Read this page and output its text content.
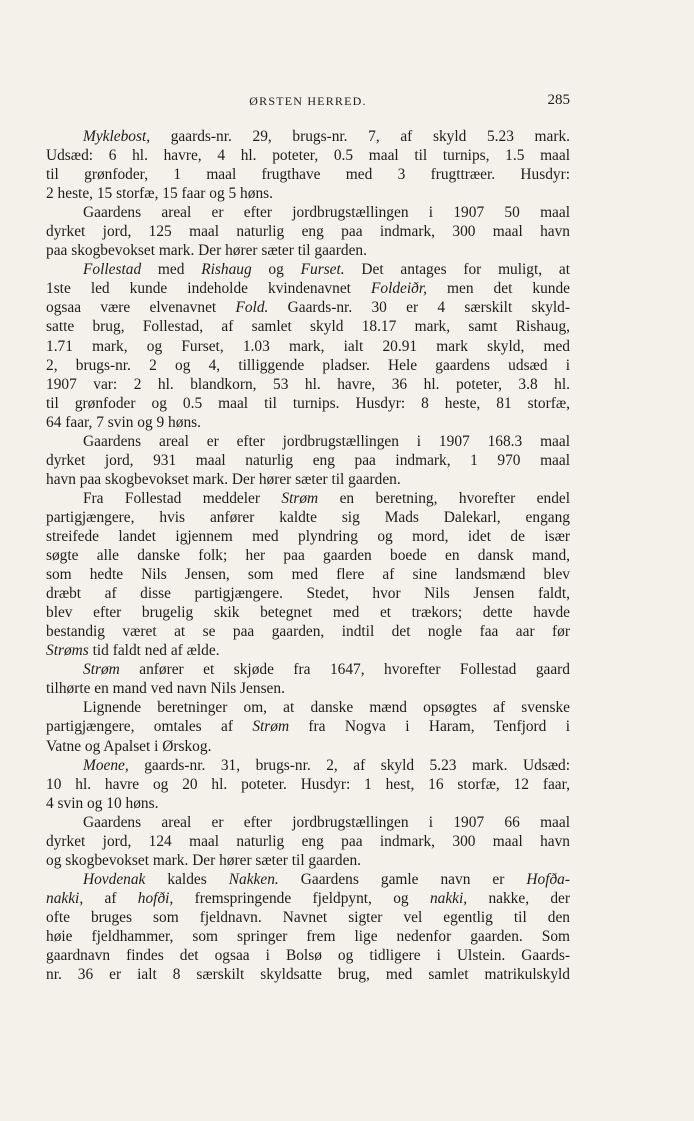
ØRSTEN HERRED.	285
Myklebost, gaards-nr. 29, brugs-nr. 7, af skyld 5.23 mark.
Udsæd: 6 hl. havre, 4 hl. poteter, 0.5 maal til turnips, 1.5 maal
til grønfoder, 1 maal frugthave med 3 frugttræer. Husdyr:
2 heste, 15 storfæ, 15 faar og 5 høns.
Gaardens areal er efter jordbrugstællingen i 1907 50 maal
dyrket jord, 125 maal naturlig eng paa indmark, 300 maal havn
paa skogbevokset mark. Der hører sæter til gaarden.
Follestad med Rishaug og Furset. Det antages for muligt, at
1ste led kunde indeholde kvindenavnet Foldeiðr, men det kunde
ogsaa være elvenavnet Fold. Gaards-nr. 30 er 4 særskilt skyld-
satte brug, Follestad, af samlet skyld 18.17 mark, samt Rishaug,
1.71 mark, og Furset, 1.03 mark, ialt 20.91 mark skyld, med
2, brugs-nr. 2 og 4, tilliggende pladser. Hele gaardens udsæd i
1907 var: 2 hl. blandkorn, 53 hl. havre, 36 hl. poteter, 3.8 hl.
til grønfoder og 0.5 maal til turnips. Husdyr: 8 heste, 81 storfæ,
64 faar, 7 svin og 9 høns.
Gaardens areal er efter jordbrugstællingen i 1907 168.3 maal
dyrket jord, 931 maal naturlig eng paa indmark, 1 970 maal
havn paa skogbevokset mark. Der hører sæter til gaarden.
Fra Follestad meddeler Strøm en beretning, hvorefter endel
partigjængere, hvis anfører kaldte sig Mads Dalekarl, engang
streifede landet igjennem med plyndring og mord, idet de især
søgte alle danske folk; her paa gaarden boede en dansk mand,
som hedte Nils Jensen, som med flere af sine landsmænd blev
dræbt af disse partigjængere. Stedet, hvor Nils Jensen faldt,
blev efter brugelig skik betegnet med et trækors; dette havde
bestandig været at se paa gaarden, indtil det nogle faa aar før
Strøms tid faldt ned af ælde.
Strøm anfører et skjøde fra 1647, hvorefter Follestad gaard
tilhørte en mand ved navn Nils Jensen.
Lignende beretninger om, at danske mænd opsøgtes af svenske
partigjængere, omtales af Strøm fra Nogva i Haram, Tenfjord i
Vatne og Apalset i Ørskog.
Moene, gaards-nr. 31, brugs-nr. 2, af skyld 5.23 mark. Udsæd:
10 hl. havre og 20 hl. poteter. Husdyr: 1 hest, 16 storfæ, 12 faar,
4 svin og 10 høns.
Gaardens areal er efter jordbrugstællingen i 1907 66 maal
dyrket jord, 124 maal naturlig eng paa indmark, 300 maal havn
og skogbevokset mark. Der hører sæter til gaarden.
Hovdenak kaldes Nakken. Gaardens gamle navn er Hofða-
nakki, af hofði, fremspringende fjeldpynt, og nakki, nakke, der
ofte bruges som fjeldnavn. Navnet sigter vel egentlig til den
høie fjeldhammer, som springer frem lige nedenfor gaarden. Som
gaardnavn findes det ogsaa i Bolsø og tidligere i Ulstein. Gaards-
nr. 36 er ialt 8 særskilt skyldsatte brug, med samlet matrikulskyld
